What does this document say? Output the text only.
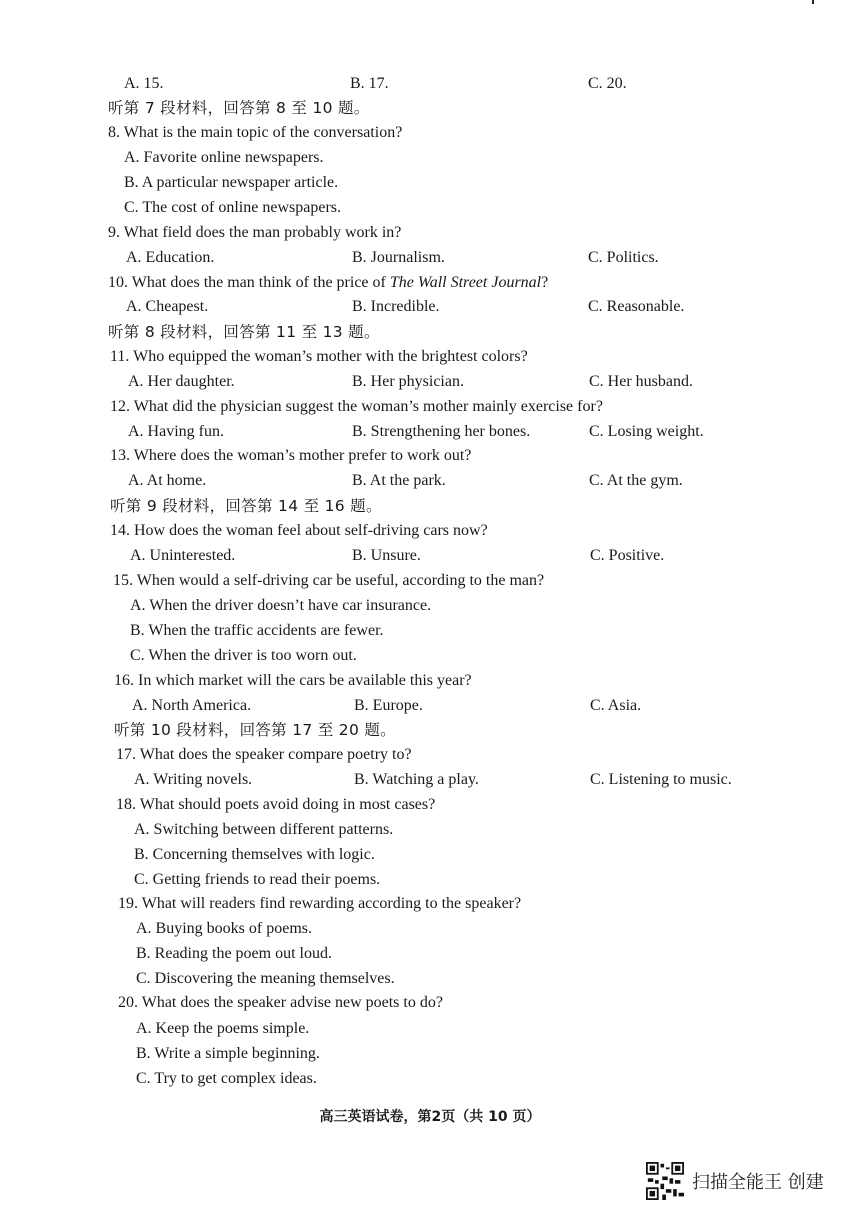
A. 15.	B. 17.	C. 20.
听第 7 段材料，回答第 8 至 10 题。
8. What is the main topic of the conversation?
A. Favorite online newspapers.
B. A particular newspaper article.
C. The cost of online newspapers.
9. What field does the man probably work in?
A. Education.	B. Journalism.	C. Politics.
10. What does the man think of the price of The Wall Street Journal?
A. Cheapest.	B. Incredible.	C. Reasonable.
听第 8 段材料，回答第 11 至 13 题。
11. Who equipped the woman’s mother with the brightest colors?
A. Her daughter.	B. Her physician.	C. Her husband.
12. What did the physician suggest the woman’s mother mainly exercise for?
A. Having fun.	B. Strengthening her bones.	C. Losing weight.
13. Where does the woman’s mother prefer to work out?
A. At home.	B. At the park.	C. At the gym.
听第 9 段材料，回答第 14 至 16 题。
14. How does the woman feel about self-driving cars now?
A. Uninterested.	B. Unsure.	C. Positive.
15. When would a self-driving car be useful, according to the man?
A. When the driver doesn’t have car insurance.
B. When the traffic accidents are fewer.
C. When the driver is too worn out.
16. In which market will the cars be available this year?
A. North America.	B. Europe.	C. Asia.
听第 10 段材料，回答第 17 至 20 题。
17. What does the speaker compare poetry to?
A. Writing novels.	B. Watching a play.	C. Listening to music.
18. What should poets avoid doing in most cases?
A. Switching between different patterns.
B. Concerning themselves with logic.
C. Getting friends to read their poems.
19. What will readers find rewarding according to the speaker?
A. Buying books of poems.
B. Reading the poem out loud.
C. Discovering the meaning themselves.
20. What does the speaker advise new poets to do?
A. Keep the poems simple.
B. Write a simple beginning.
C. Try to get complex ideas.
高三英语试卷，第2页（共 10 页）
扫描全能王 创建
